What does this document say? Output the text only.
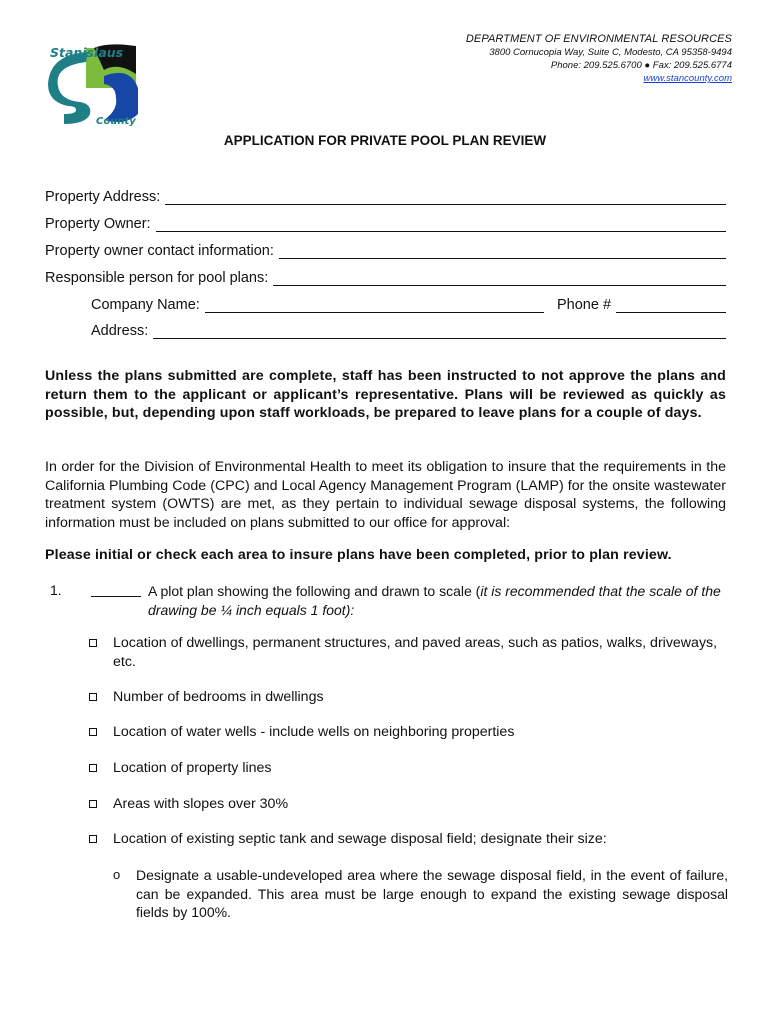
Stanislaus
County
DEPARTMENT OF ENVIRONMENTAL RESOURCES
3800 Cornucopia Way, Suite C, Modesto, CA 95358-9494
Phone: 209.525.6700 ● Fax: 209.525.6774
www.stancounty.com
APPLICATION FOR PRIVATE POOL PLAN REVIEW
Property Address:
Property Owner:
Property owner contact information:
Responsible person for pool plans:
Company Name:	Phone #
Address:
Unless the plans submitted are complete, staff has been instructed to not approve the plans and return them to the applicant or applicant’s representative. Plans will be reviewed as quickly as possible, but, depending upon staff workloads, be prepared to leave plans for a couple of days.
In order for the Division of Environmental Health to meet its obligation to insure that the requirements in the California Plumbing Code (CPC) and Local Agency Management Program (LAMP) for the onsite wastewater treatment system (OWTS) are met, as they pertain to individual sewage disposal systems, the following information must be included on plans submitted to our office for approval:
Please initial or check each area to insure plans have been completed, prior to plan review.
1.	A plot plan showing the following and drawn to scale (it is recommended that the scale of the drawing be ¼ inch equals 1 foot):
Location of dwellings, permanent structures, and paved areas, such as patios, walks, driveways, etc.
Number of bedrooms in dwellings
Location of water wells - include wells on neighboring properties
Location of property lines
Areas with slopes over 30%
Location of existing septic tank and sewage disposal field; designate their size:
o Designate a usable-undeveloped area where the sewage disposal field, in the event of failure, can be expanded. This area must be large enough to expand the existing sewage disposal fields by 100%.
